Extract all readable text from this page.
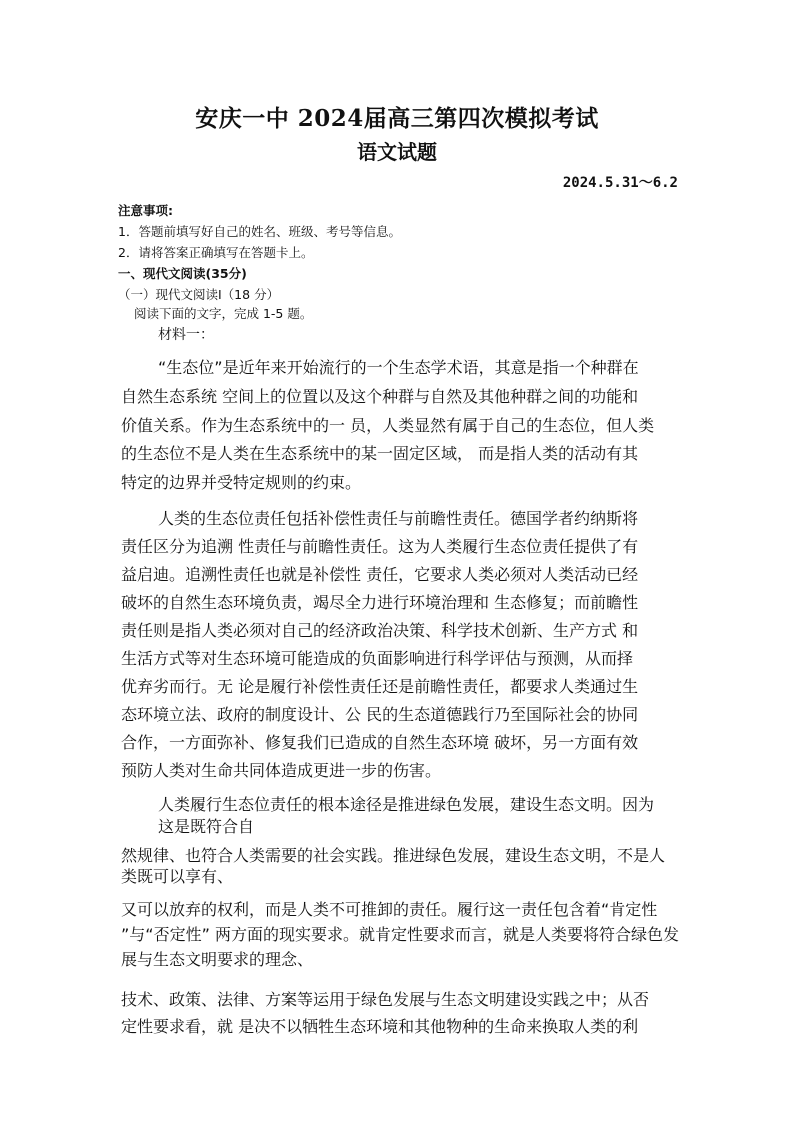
安庆一中 2024届高三第四次模拟考试
语文试题
2024.5.31～6.2
注意事项:
1．答题前填写好自己的姓名、班级、考号等信息。
2．请将答案正确填写在答题卡上。
一、现代文阅读(35分)
（一）现代文阅读Ⅰ（18 分）
阅读下面的文字，完成 1-5 题。
材料一：
“生态位”是近年来开始流行的一个生态学术语，其意是指一个种群在
自然生态系统 空间上的位置以及这个种群与自然及其他种群之间的功能和
价值关系。作为生态系统中的一 员，人类显然有属于自己的生态位，但人类
的生态位不是人类在生态系统中的某一固定区域， 而是指人类的活动有其
特定的边界并受特定规则的约束。
人类的生态位责任包括补偿性责任与前瞻性责任。德国学者约纳斯将
责任区分为追溯 性责任与前瞻性责任。这为人类履行生态位责任提供了有
益启迪。追溯性责任也就是补偿性 责任，它要求人类必须对人类活动已经
破坏的自然生态环境负责，竭尽全力进行环境治理和 生态修复；而前瞻性
责任则是指人类必须对自己的经济政治决策、科学技术创新、生产方式 和
生活方式等对生态环境可能造成的负面影响进行科学评估与预测，从而择
优弃劣而行。无 论是履行补偿性责任还是前瞻性责任，都要求人类通过生
态环境立法、政府的制度设计、公 民的生态道德践行乃至国际社会的协同
合作，一方面弥补、修复我们已造成的自然生态环境 破坏，另一方面有效
预防人类对生命共同体造成更进一步的伤害。
人类履行生态位责任的根本途径是推进绿色发展，建设生态文明。因为
这是既符合自
然规律、也符合人类需要的社会实践。推进绿色发展，建设生态文明，不是人
类既可以享有、
又可以放弃的权利，而是人类不可推卸的责任。履行这一责任包含着“肯定性
”与“否定性” 两方面的现实要求。就肯定性要求而言，就是人类要将符合绿色发
展与生态文明要求的理念、
技术、政策、法律、方案等运用于绿色发展与生态文明建设实践之中；从否
定性要求看，就 是决不以牺牲生态环境和其他物种的生命来换取人类的利
